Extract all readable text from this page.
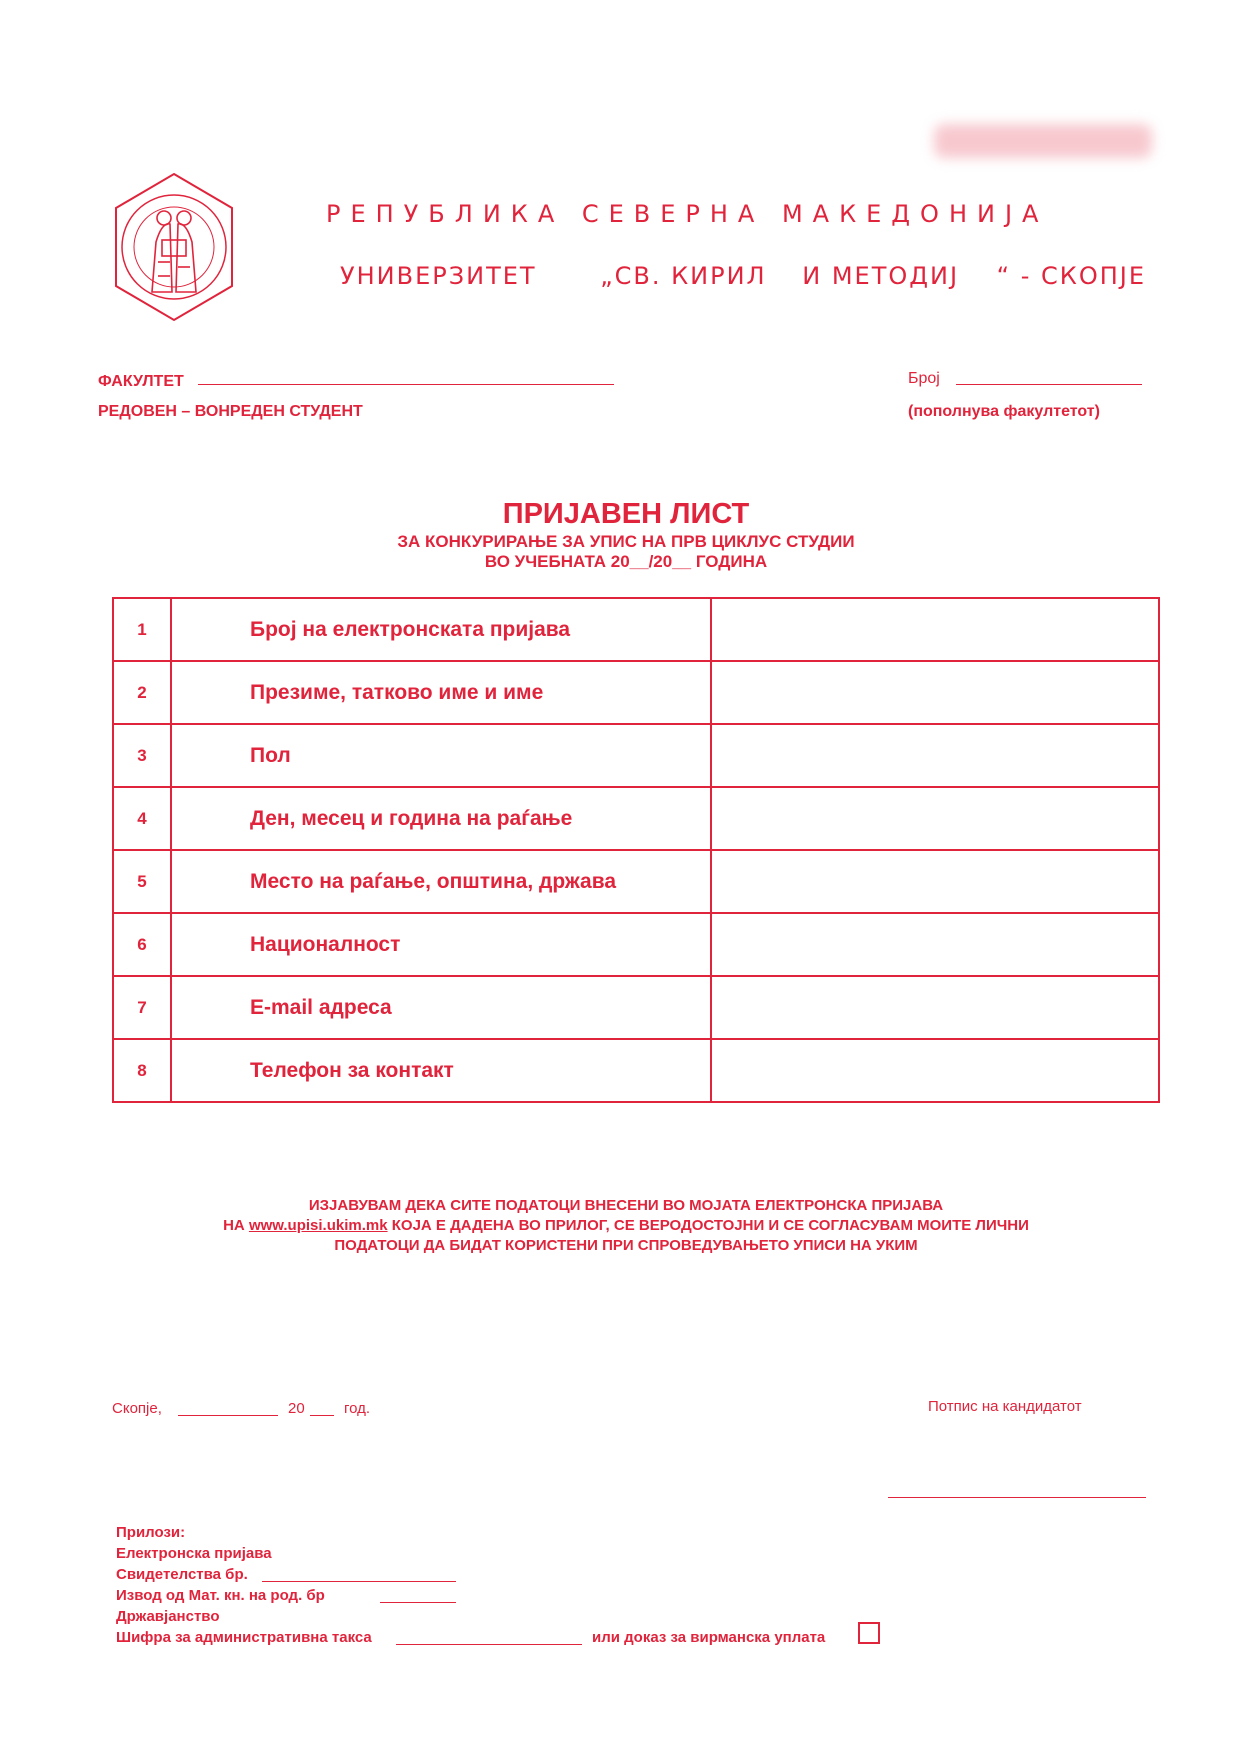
РЕПУБЛИКА СЕВЕРНА МАКЕДОНИЈА
УНИВЕРЗИТЕТ	„СВ. КИРИЛ И МЕТОДИЈ “ - СКОПЈЕ
ФАКУЛТЕТ
РЕДОВЕН – ВОНРЕДЕН СТУДЕНТ
Број
(пополнува факултетот)
ПРИЈАВЕН ЛИСТ
ЗА КОНКУРИРАЊЕ ЗА УПИС НА ПРВ ЦИКЛУС СТУДИИ
ВО УЧЕБНАТА 20__/20__ ГОДИНА
1	Број на електронската пријава	
2	Презиме, татково име и име	
3	Пол	
4	Ден, месец и година на раѓање	
5	Место на раѓање, општина, држава	
6	Националност	
7	E-mail адреса	
8	Телефон за контакт	
ИЗЈАВУВАМ ДЕКА СИТЕ ПОДАТОЦИ ВНЕСЕНИ ВО МОЈАТА ЕЛЕКТРОНСКА ПРИЈАВА
НА www.upisi.ukim.mk КОЈА Е ДАДЕНА ВО ПРИЛОГ, СЕ ВЕРОДОСТОЈНИ И СЕ СОГЛАСУВАМ МОИТЕ ЛИЧНИ
ПОДАТОЦИ ДА БИДАТ КОРИСТЕНИ ПРИ СПРОВЕДУВАЊЕТО УПИСИ НА УКИМ
Скопје,	20	год.	Потпис на кандидатот
Прилози:
Електронска пријава
Свидетелства бр.
Извод од Мат. кн. на род. бр
Државјанство
Шифра за административна такса	или доказ за вирманска уплата
